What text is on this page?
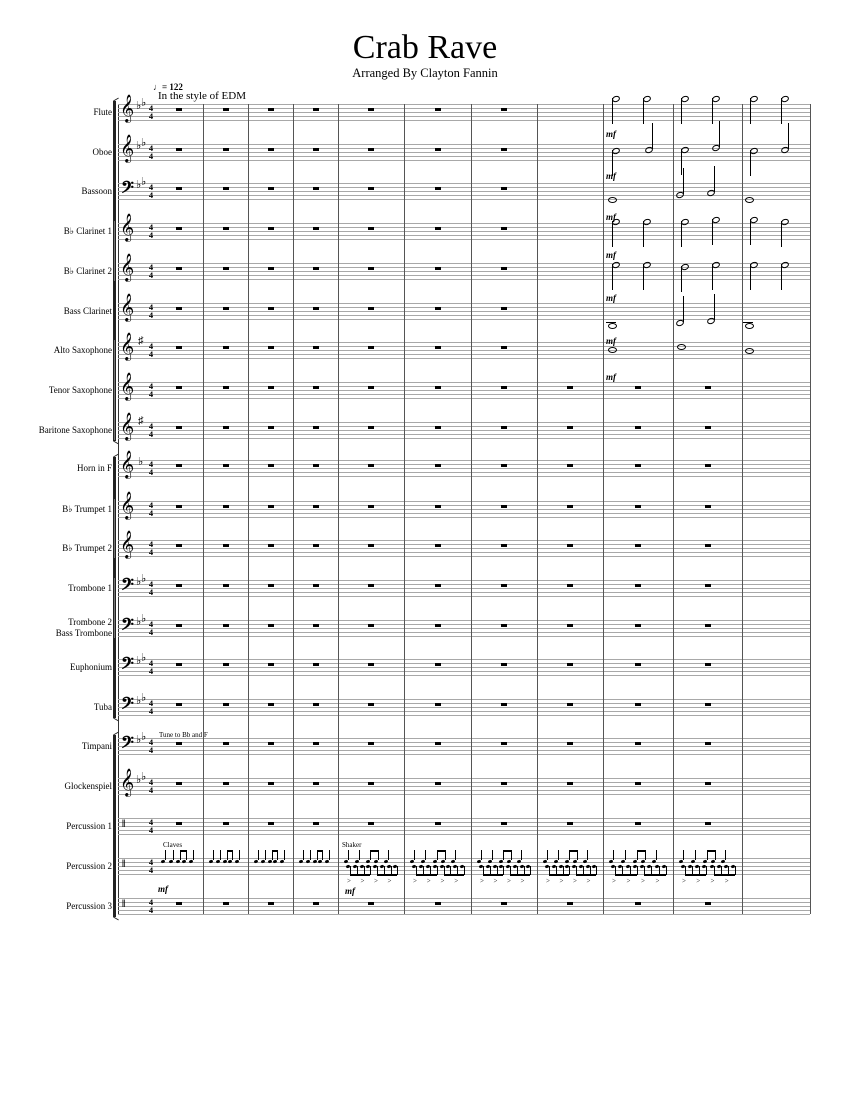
Crab Rave
Arranged By Clayton Fannin
♩= 122
In the style of EDM
Tune to Bb and F
Flute 𝄞 ♭ ♭ 4
4
Oboe 𝄞 ♭ ♭ 4
4
Bassoon 𝄢 ♭ ♭ 4
4
B♭ Clarinet 1 𝄞 4
4
B♭ Clarinet 2 𝄞 4
4
Bass Clarinet 𝄞 4
4
Alto Saxophone 𝄞 ♯ 4
4
Tenor Saxophone 𝄞 4
4
Baritone Saxophone 𝄞 ♯ 4
4
Horn in F 𝄞 ♭ 4
4
B♭ Trumpet 1 𝄞 4
4
B♭ Trumpet 2 𝄞 4
4
Trombone 1 𝄢 ♭ ♭ 4
4
Trombone 2
Bass Trombone 𝄢 ♭ ♭ 4
4
Euphonium 𝄢 ♭ ♭ 4
4
Tuba 𝄢 ♭ ♭ 4
4
Timpani 𝄢 ♭ ♭ 4
4
Glockenspiel 𝄞 ♭ ♭ 4
4
Percussion 1 ‖	4
4
Percussion 2 ‖	4
4
Percussion 3 ‖	4
4
mf
mf
mf
mf
mf
mf
mf
Claves	Shaker
mf	mf
> > > >	> > > >	> > > >	> > > >	> > > >	> > > >
